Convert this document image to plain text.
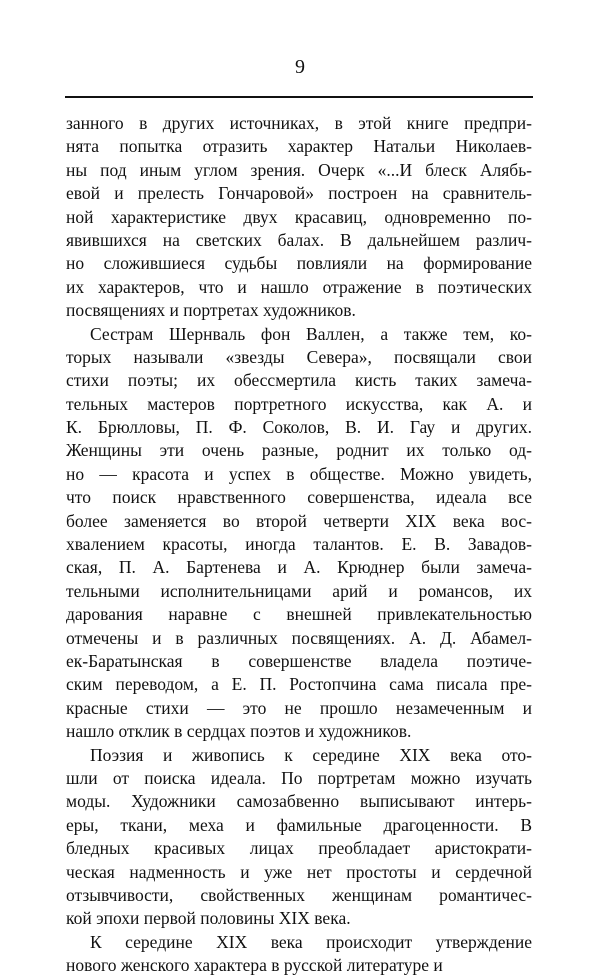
9

занного в других источниках, в этой книге предпри-
нята попытка отразить характер Натальи Николаев-
ны под иным углом зрения. Очерк «...И блеск Алябь-
евой и прелесть Гончаровой» построен на сравнитель-
ной характеристике двух красавиц, одновременно по-
явившихся на светских балах. В дальнейшем различ-
но сложившиеся судьбы повлияли на формирование
их характеров, что и нашло отражение в поэтических
посвящениях и портретах художников.

Сестрам Шернваль фон Валлен, а также тем, ко-
торых называли «звезды Севера», посвящали свои
стихи поэты; их обессмертила кисть таких замеча-
тельных мастеров портретного искусства, как А. и
К. Брюлловы, П. Ф. Соколов, В. И. Гау и других.
Женщины эти очень разные, роднит их только од-
но — красота и успех в обществе. Можно увидеть,
что поиск нравственного совершенства, идеала все
более заменяется во второй четверти XIX века вос-
хвалением красоты, иногда талантов. Е. В. Завадов-
ская, П. А. Бартенева и А. Крюднер были замеча-
тельными исполнительницами арий и романсов, их
дарования наравне с внешней привлекательностью
отмечены и в различных посвящениях. А. Д. Абамел-
ек-Баратынская в совершенстве владела поэтиче-
ским переводом, а Е. П. Ростопчина сама писала пре-
красные стихи — это не прошло незамеченным и
нашло отклик в сердцах поэтов и художников.

Поэзия и живопись к середине XIX века ото-
шли от поиска идеала. По портретам можно изучать
моды. Художники самозабвенно выписывают интерь-
еры, ткани, меха и фамильные драгоценности. В
бледных красивых лицах преобладает аристократи-
ческая надменность и уже нет простоты и сердечной
отзывчивости, свойственных женщинам романтичес-
кой эпохи первой половины XIX века.

К середине XIX века происходит утверждение
нового женского характера в русской литературе и
